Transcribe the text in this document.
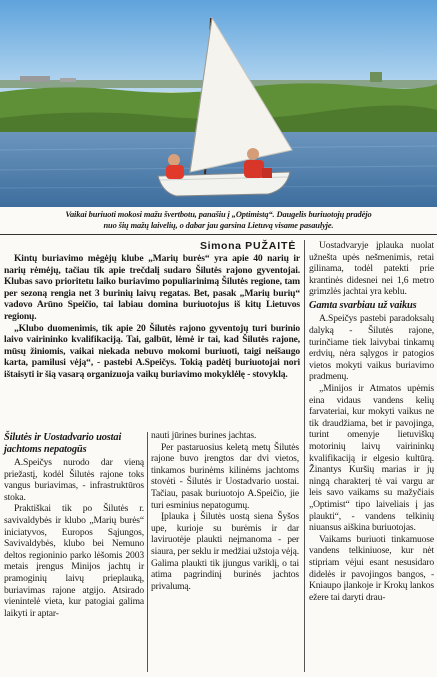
Vaikai buriuoti mokosi mažu švertbotu, panašiu į „Optimistą“. Daugelis buriuotojų pradėjo
nuo šių mažų laivelių, o dabar jau garsina Lietuvą visame pasaulyje.
Simona PUŽAITĖ

Kintų buriavimo mėgėjų klube „Marių burės“ yra apie 40 narių ir narių rėmėjų, tačiau tik apie trečdalį sudaro Šilutės rajono gyventojai. Klubas savo prioritetu laiko buriavimo populiarinimą Šilutės regione, tam per sezoną rengia net 3 burinių laivų regatas. Bet, pasak „Marių burių“ vadovo Arūno Speičio, tai labiau domina buriuotojus iš kitų Lietuvos regionų.

„Klubo duomenimis, tik apie 20 Šilutės rajono gyventojų turi burinio laivo vairininko kvalifikaciją. Tai, galbūt, lėmė ir tai, kad Šilutės rajone, mūsų žiniomis, vaikai niekada nebuvo mokomi buriuoti, taigi neišaugo karta, pamilusi vėją“, - pastebi A.Speičys. Tokią padėtį buriuotojai nori ištaisyti ir šią vasarą organizuoja vaikų buriavimo mokyklėlę - stovyklą.

Šilutės ir Uostadvario uostai jachtoms nepatogūs

A.Speičys nurodo dar vieną priežastį, kodėl Šilutės rajone toks vangus buriavimas, - infrastruktūros stoka.

Praktiškai tik po Šilutės r. savivaldybės ir klubo „Marių burės“ iniciatyvos, Europos Sąjungos, Savivaldybės, klubo bei Nemuno deltos regioninio parko lėšomis 2003 metais įrengus Minijos jachtų ir pramoginių laivų prieplauką, buriavimas rajone atgijo. Atsirado vienintelė vieta, kur patogiai galima laikyti ir aptar-

nauti jūrines burines jachtas.

Per pastaruosius keletą metų Šilutės rajone buvo įrengtos dar dvi vietos, tinkamos burinėms kilinėms jachtoms stovėti - Šilutės ir Uostadvario uostai. Tačiau, pasak buriuotojo A.Speičio, jie turi esminius nepatogumų.

Įplauka į Šilutės uostą siena Šyšos upe, kurioje su burėmis ir dar lavіruotėje plaukti neįmanoma - per siaura, per seklu ir medžiai užstoja vėją. Galima plaukti tik įjungus variklį, o tai atima pagrindinį burinės jachtos privalumą.

Uostadvaryje įplauka nuolat užnešta upės nešmenimis, retai gilinama, todėl patekti prie krantinės didesnei nei 1,6 metro grimzlės jachtai yra keblu.

Gamta svarbiau už vaikus

A.Speičys pastebi paradoksalų dalyką - Šilutės rajone, turinčiame tiek laivybai tinkamų erdvių, nėra sąlygos ir patogios vietos mokyti vaikus buriavimo pradmenų.

„Minijos ir Atmatos upėmis eina vidaus vandens kelių farvateriai, kur mokyti vaikus ne tik draudžiama, bet ir pavojinga, turint omenyje lietuviškų motorinių laivų vairininkų kvalifikaciją ir elgesio kultūrą. Žinantys Kuršių marias ir jų ningą charakterį tė vai vargu ar leis savo vaikams su mažyčiais „Optimist“ tipo laiveliais į jas plaukti“, - vandens telkinių niuansus aiškina buriuotojas.

Vaikams buriuoti tinkamuose vandens telkiniuose, kur nėt stipriam vėjui esant nesusidaro didelės ir pavojingos bangos, - Kniaupo įlankoje ir Krokų lankos ežere tai daryti drau-
